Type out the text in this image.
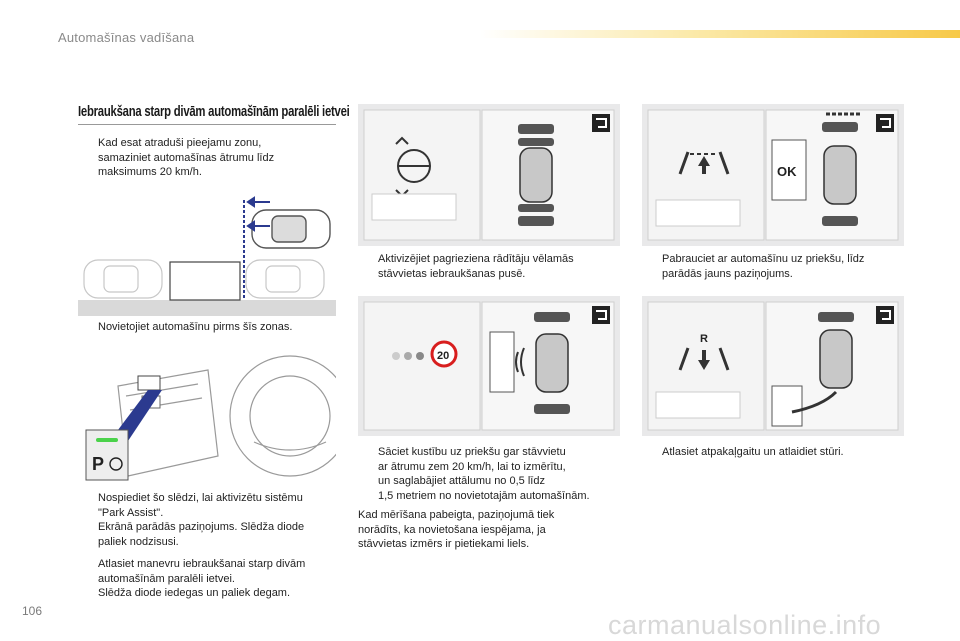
Automašīnas vadīšana
Iebraukšana starp divām automašīnām paralēli ietvei
Kad esat atraduši pieejamu zonu,
samaziniet automašīnas ātrumu līdz
maksimums 20 km/h.
Novietojiet automašīnu pirms šīs zonas.
P
Nospiediet šo slēdzi, lai aktivizētu sistēmu
"Park Assist".
Ekrānā parādās paziņojums. Slēdža diode
paliek nodzisusi.
Atlasiet manevru iebraukšanai starp divām
automašīnām paralēli ietvei.
Slēdža diode iedegas un paliek degam.
Aktivizējiet pagrieziena rādītāju vēlamās
stāvvietas iebraukšanas pusē.
20
Sāciet kustību uz priekšu gar stāvvietu
ar ātrumu zem 20 km/h, lai to izmērītu,
un saglabājiet attālumu no 0,5 līdz
1,5 metriem no novietotajām automašīnām.
Kad mērīšana pabeigta, paziņojumā tiek
norādīts, ka novietošana iespējama, ja
stāvvietas izmērs ir pietiekami liels.
OK
Pabrauciet ar automašīnu uz priekšu, līdz
parādās jauns paziņojums.
R
Atlasiet atpakaļgaitu un atlaidiet stūri.
106	carmanualsonline.info
